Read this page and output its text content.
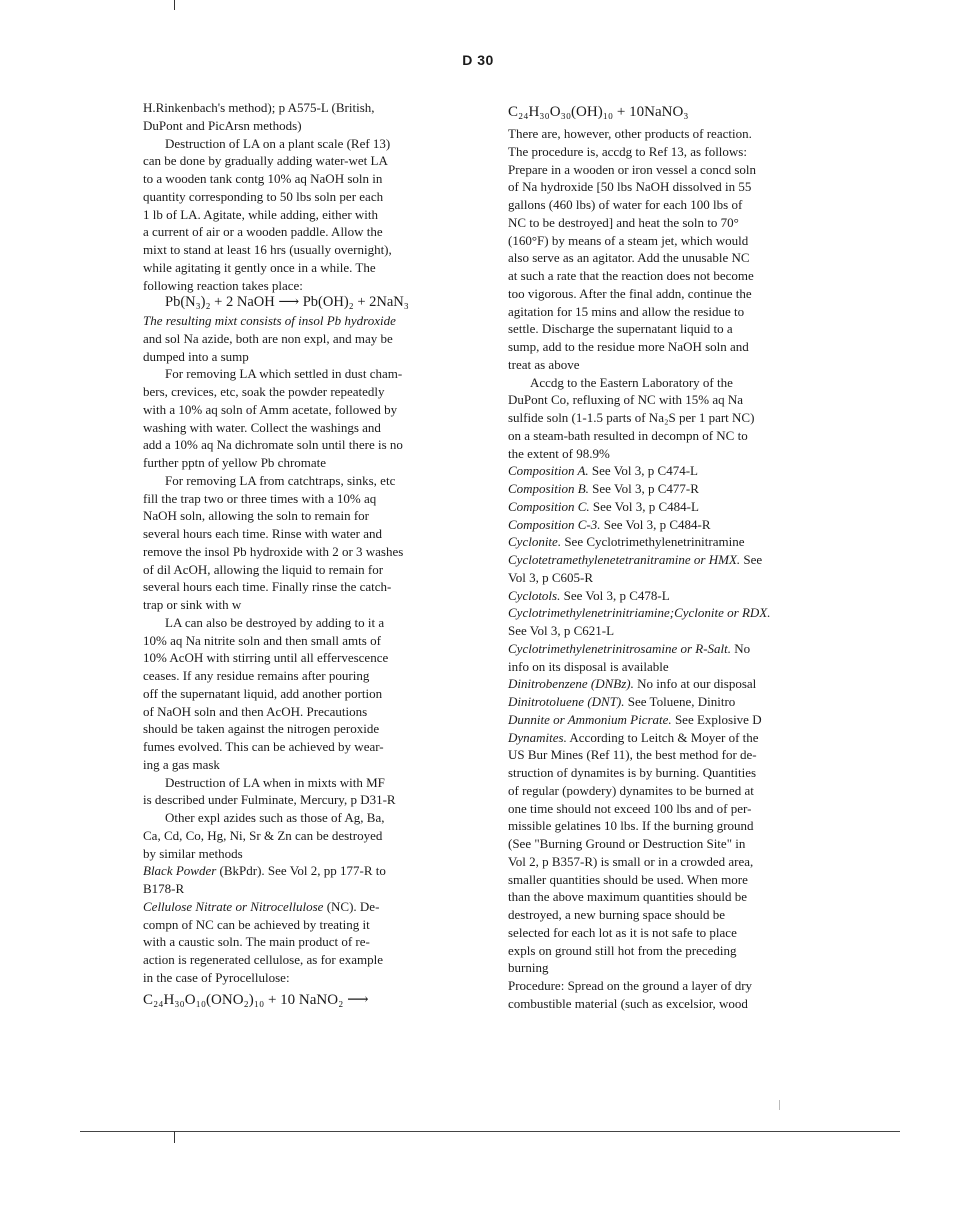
D 30
H.Rinkenbach's method); p A575-L (British,
DuPont and PicArsn methods)
Destruction of LA on a plant scale (Ref 13)
can be done by gradually adding water-wet LA
to a wooden tank contg 10% aq NaOH soln in
quantity corresponding to 50 lbs soln per each
1 lb of LA. Agitate, while adding, either with
a current of air or a wooden paddle. Allow the
mixt to stand at least 16 hrs (usually overnight),
while agitating it gently once in a while. The
following reaction takes place:
Pb(N₃)₂ + 2 NaOH ⟶ Pb(OH)₂ + 2NaN₃
The resulting mixt consists of insol Pb hydroxide
and sol Na azide, both are non expl, and may be
dumped into a sump
For removing LA which settled in dust cham-
bers, crevices, etc, soak the powder repeatedly
with a 10% aq soln of Amm acetate, followed by
washing with water. Collect the washings and
add a 10% aq Na dichromate soln until there is no
further pptn of yellow Pb chromate
For removing LA from catchtraps, sinks, etc
fill the trap two or three times with a 10% aq
NaOH soln, allowing the soln to remain for
several hours each time. Rinse with water and
remove the insol Pb hydroxide with 2 or 3 washes
of dil AcOH, allowing the liquid to remain for
several hours each time. Finally rinse the catch-
trap or sink with w
LA can also be destroyed by adding to it a
10% aq Na nitrite soln and then small amts of
10% AcOH with stirring until all effervescence
ceases. If any residue remains after pouring
off the supernatant liquid, add another portion
of NaOH soln and then AcOH. Precautions
should be taken against the nitrogen peroxide
fumes evolved. This can be achieved by wear-
ing a gas mask
Destruction of LA when in mixts with MF
is described under Fulminate, Mercury, p D31-R
Other expl azides such as those of Ag, Ba,
Ca, Cd, Co, Hg, Ni, Sr & Zn can be destroyed
by similar methods
Black Powder (BkPdr). See Vol 2, pp 177-R to
B178-R
Cellulose Nitrate or Nitrocellulose (NC). De-
compn of NC can be achieved by treating it
with a caustic soln. The main product of re-
action is regenerated cellulose, as for example
in the case of Pyrocellulose:
C₂₄H₃₀O₁₀(ONO₂)₁₀ + 10 NaNO₂ ⟶
C₂₄H₃₀O₃₀(OH)₁₀ + 10NaNO₃
There are, however, other products of reaction.
The procedure is, accdg to Ref 13, as follows:
Prepare in a wooden or iron vessel a concd soln
of Na hydroxide [50 lbs NaOH dissolved in 55
gallons (460 lbs) of water for each 100 lbs of
NC to be destroyed] and heat the soln to 70°
(160°F) by means of a steam jet, which would
also serve as an agitator. Add the unusable NC
at such a rate that the reaction does not become
too vigorous. After the final addn, continue the
agitation for 15 mins and allow the residue to
settle. Discharge the supernatant liquid to a
sump, add to the residue more NaOH soln and
treat as above
Accdg to the Eastern Laboratory of the
DuPont Co, refluxing of NC with 15% aq Na
sulfide soln (1-1.5 parts of Na₂S per 1 part NC)
on a steam-bath resulted in decompn of NC to
the extent of 98.9%
Composition A. See Vol 3, p C474-L
Composition B. See Vol 3, p C477-R
Composition C. See Vol 3, p C484-L
Composition C-3. See Vol 3, p C484-R
Cyclonite. See Cyclotrimethylenetrinitramine
Cyclotetramethylenetetranitramine or HMX. See
Vol 3, p C605-R
Cyclotols. See Vol 3, p C478-L
Cyclotrimethylenetrinitriamine;Cyclonite or RDX.
See Vol 3, p C621-L
Cyclotrimethylenetrinitrosamine or R-Salt. No
info on its disposal is available
Dinitrobenzene (DNBz). No info at our disposal
Dinitrotoluene (DNT). See Toluene, Dinitro
Dunnite or Ammonium Picrate. See Explosive D
Dynamites. According to Leitch & Moyer of the
US Bur Mines (Ref 11), the best method for de-
struction of dynamites is by burning. Quantities
of regular (powdery) dynamites to be burned at
one time should not exceed 100 lbs and of per-
missible gelatines 10 lbs. If the burning ground
(See "Burning Ground or Destruction Site" in
Vol 2, p B357-R) is small or in a crowded area,
smaller quantities should be used. When more
than the above maximum quantities should be
destroyed, a new burning space should be
selected for each lot as it is not safe to place
expls on ground still hot from the preceding
burning
Procedure: Spread on the ground a layer of dry
combustible material (such as excelsior, wood
